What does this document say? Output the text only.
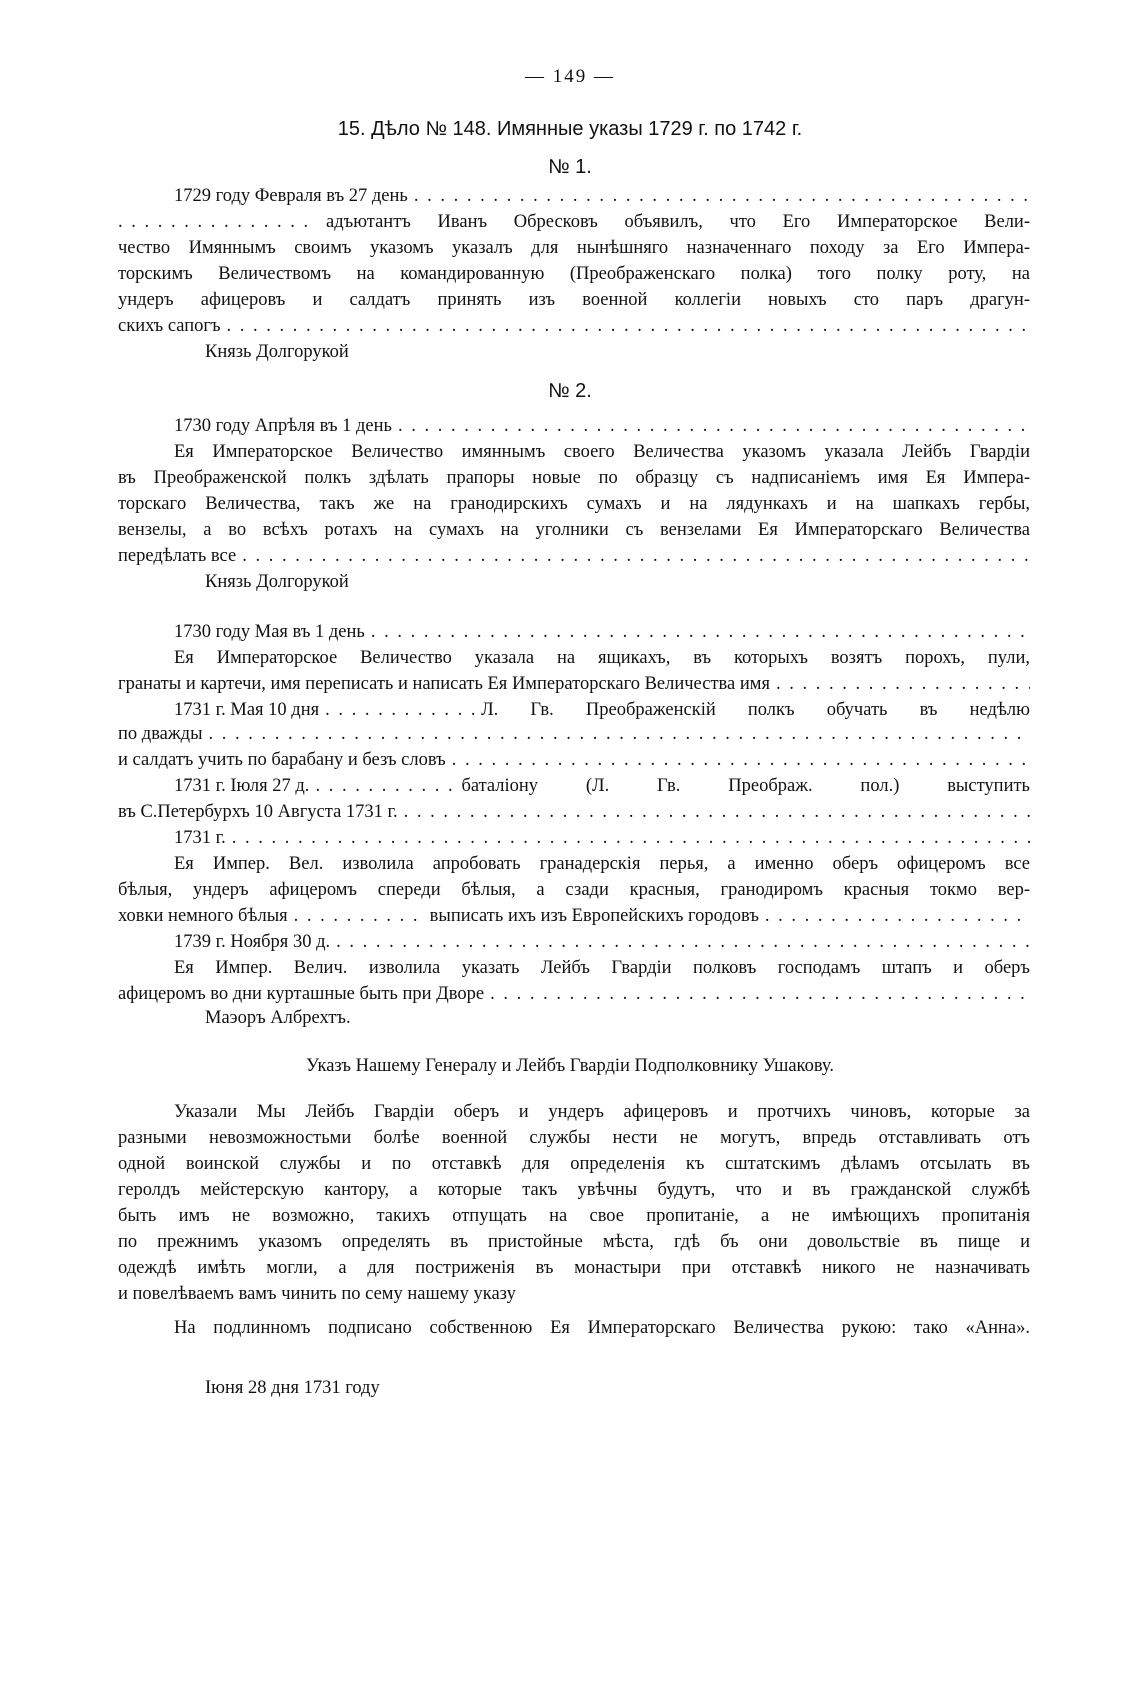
— 149 —
15. Дѣло № 148. Имянные указы 1729 г. по 1742 г.
№ 1.
1729 году Февраля въ 27 день
. . .
. . .
адъютантъ Иванъ Обресковъ объявилъ, что Его Императорское Вели-
чество Имяннымъ своимъ указомъ указалъ для нынѣшняго назначеннаго походу за Его Импера-
торскимъ Величествомъ на командированную (Преображенскаго полка) того полку роту, на
ундеръ афицеровъ и салдатъ принять изъ военной коллегіи новыхъ сто паръ драгун-
скихъ сапогъ
. . .
Князь Долгорукой
№ 2.
1730 году Апрѣля въ 1 день
. . .
Ея Императорское Величество имяннымъ своего Величества указомъ указала Лейбъ Гвардіи
въ Преображенской полкъ здѣлать прапоры новые по образцу съ надписаніемъ имя Ея Импера-
торскагo Величества, такъ же на гранодирскихъ сумахъ и на лядункахъ и на шапкахъ гербы,
вензелы, а во всѣхъ ротахъ на сумахъ на уголники съ вензелами Ея Императорскаго Величества
передѣлать все
. . .
Князь Долгорукой
1730 году Мая въ 1 день
. . .
Ея Императорское Величество указала на ящикахъ, въ которыхъ возятъ порохъ, пули,
гранаты и картечи, имя переписать и написать Ея Императорскаго Величества имя
. . .
1731 г. Мая 10 дня . . .	Л. Гв. Преображенскій полкъ обучать въ недѣлю
по дважды
. . .
и салдатъ учить по барабану и безъ словъ
. . .
1731 г. Іюля 27 д. . . .	баталіону (Л. Гв. Преображ. пол.) выступить
въ С.Петербурхъ 10 Августа 1731 г.
. . .
1731 г.
. . .
Ея Импер. Вел. изволила апробовать гранадерскія перья, а именно оберъ офицеромъ все
бѣлыя, ундеръ афицеромъ спереди бѣлыя, а сзади красныя, гранодиромъ красныя токмо вер-
ховки немного бѣлыя . . .	выписать ихъ изъ Европейскихъ городовъ
. . .
1739 г. Ноября 30 д.
. . .
Ея Импер. Велич. изволила указать Лейбъ Гвардіи полковъ господамъ штапъ и оберъ
афицеромъ во дни курташные быть при Дворе
. . .
Маэоръ Албрехтъ.
Указъ Нашему Генералу и Лейбъ Гвардіи Подполковнику Ушакову.
Указали Мы Лейбъ Гвардіи оберъ и ундеръ афицеровъ и протчихъ чиновъ, которые за
разными невозможностьми болѣе военной службы нести не могутъ, впредь отставливать отъ
одной воинской службы и по отставкѣ для определенія къ сштатскимъ дѣламъ отсылать въ
геролдъ мейстерскую кантору, а которые такъ увѣчны будутъ, что и въ гражданской службѣ
быть имъ не возможно, такихъ отпущать на свое пропитаніе, а не имѣющихъ пропитанія
по прежнимъ указомъ определять въ пристойные мѣста, гдѣ бъ они довольствіе въ пище и
одеждѣ имѣть могли, а для постриженія въ монастыри при отставкѣ никого не назначивать
и повелѣваемъ вамъ чинить по сему нашему указу
На подлинномъ подписано собственною Ея Императорскаго Величества рукою: тако «Анна».
Іюня 28 дня 1731 году
